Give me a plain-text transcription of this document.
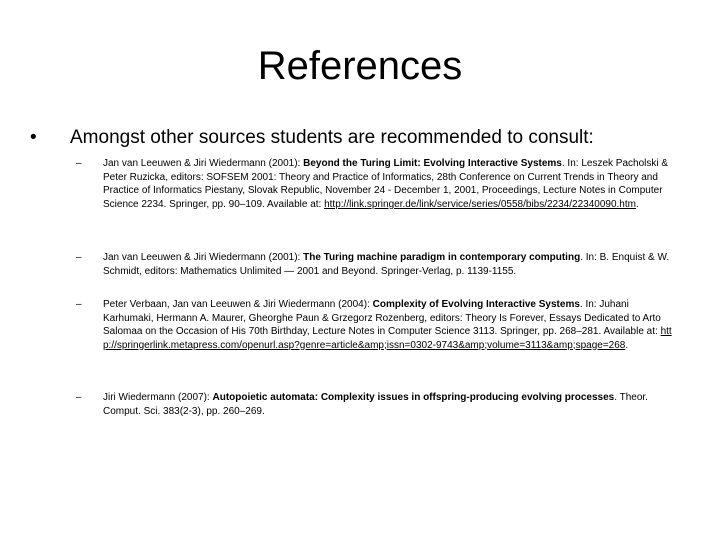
References
• Amongst other sources students are recommended to consult:
– Jan van Leeuwen & Jiri Wiedermann (2001): Beyond the Turing Limit: Evolving Interactive Systems. In: Leszek Pacholski & Peter Ruzicka, editors: SOFSEM 2001: Theory and Practice of Informatics, 28th Conference on Current Trends in Theory and Practice of Informatics Piestany, Slovak Republic, November 24 - December 1, 2001, Proceedings, Lecture Notes in Computer Science 2234. Springer, pp. 90–109. Available at: http://link.springer.de/link/service/series/0558/bibs/2234/22340090.htm.
– Jan van Leeuwen & Jiri Wiedermann (2001): The Turing machine paradigm in contemporary computing. In: B. Enquist & W. Schmidt, editors: Mathematics Unlimited — 2001 and Beyond. Springer-Verlag, p. 1139-1155.
– Peter Verbaan, Jan van Leeuwen & Jiri Wiedermann (2004): Complexity of Evolving Interactive Systems. In: Juhani Karhumaki, Hermann A. Maurer, Gheorghe Paun & Grzegorz Rozenberg, editors: Theory Is Forever, Essays Dedicated to Arto Salomaa on the Occasion of His 70th Birthday, Lecture Notes in Computer Science 3113. Springer, pp. 268–281. Available at: http://springerlink.metapress.com/openurl.asp?genre=article&amp;issn=0302-9743&amp;volume=3113&amp;spage=268.
– Jiri Wiedermann (2007): Autopoietic automata: Complexity issues in offspring-producing evolving processes. Theor. Comput. Sci. 383(2-3), pp. 260–269.
